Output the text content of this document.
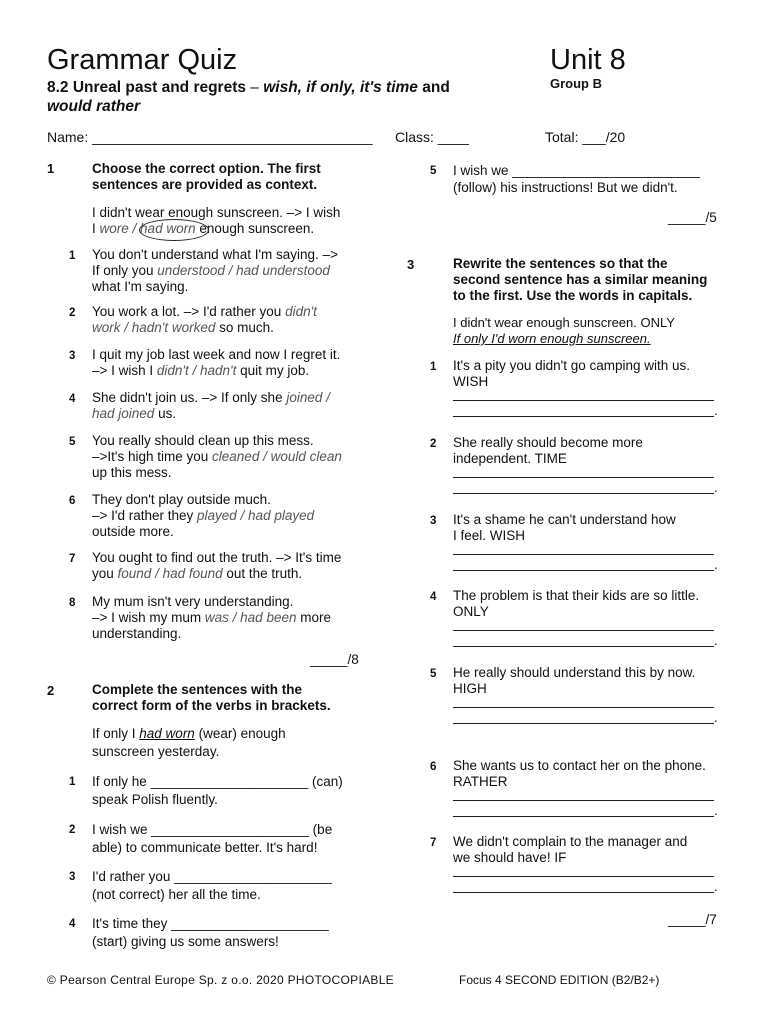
Grammar Quiz	Unit 8
Group B
8.2 Unreal past and regrets – wish, if only, it's time and
would rather
Name: ____________________________________ Class: ____	Total: ___/20
1	Choose the correct option. The first
sentences are provided as context.
I didn't wear enough sunscreen. –> I wish
I wore / had worn enough sunscreen.
1 You don't understand what I'm saying. –>
If only you understood / had understood
what I'm saying.
2 You work a lot. –> I'd rather you didn't
work / hadn't worked so much.
3 I quit my job last week and now I regret it.
–> I wish I didn't / hadn't quit my job.
4 She didn't join us. –> If only she joined /
had joined us.
5 You really should clean up this mess.
–>It's high time you cleaned / would clean
up this mess.
6 They don't play outside much.
–> I'd rather they played / had played
outside more.
7 You ought to find out the truth. –> It's time
you found / had found out the truth.
8 My mum isn't very understanding.
–> I wish my mum was / had been more
understanding.
_____/8
2	Complete the sentences with the
correct form of the verbs in brackets.
If only I had worn (wear) enough
sunscreen yesterday.
1 If only he _____________________ (can)
speak Polish fluently.
2 I wish we _____________________ (be
able) to communicate better. It's hard!
3 I'd rather you _____________________
(not correct) her all the time.
4 It's time they _____________________
(start) giving us some answers!
5 I wish we _________________________
(follow) his instructions! But we didn't.
_____/5
3	Rewrite the sentences so that the
second sentence has a similar meaning
to the first. Use the words in capitals.
I didn't wear enough sunscreen. ONLY
If only I'd worn enough sunscreen.
1 It's a pity you didn't go camping with us.
WISH
.
2 She really should become more
independent. TIME
.
3 It's a shame he can't understand how
I feel. WISH
.
4 The problem is that their kids are so little.
ONLY
.
5 He really should understand this by now.
HIGH
.
6 She wants us to contact her on the phone.
RATHER
.
7 We didn't complain to the manager and
we should have! IF
.
_____/7
© Pearson Central Europe Sp. z o.o. 2020 PHOTOCOPIABLE	Focus 4 SECOND EDITION (B2/B2+)
